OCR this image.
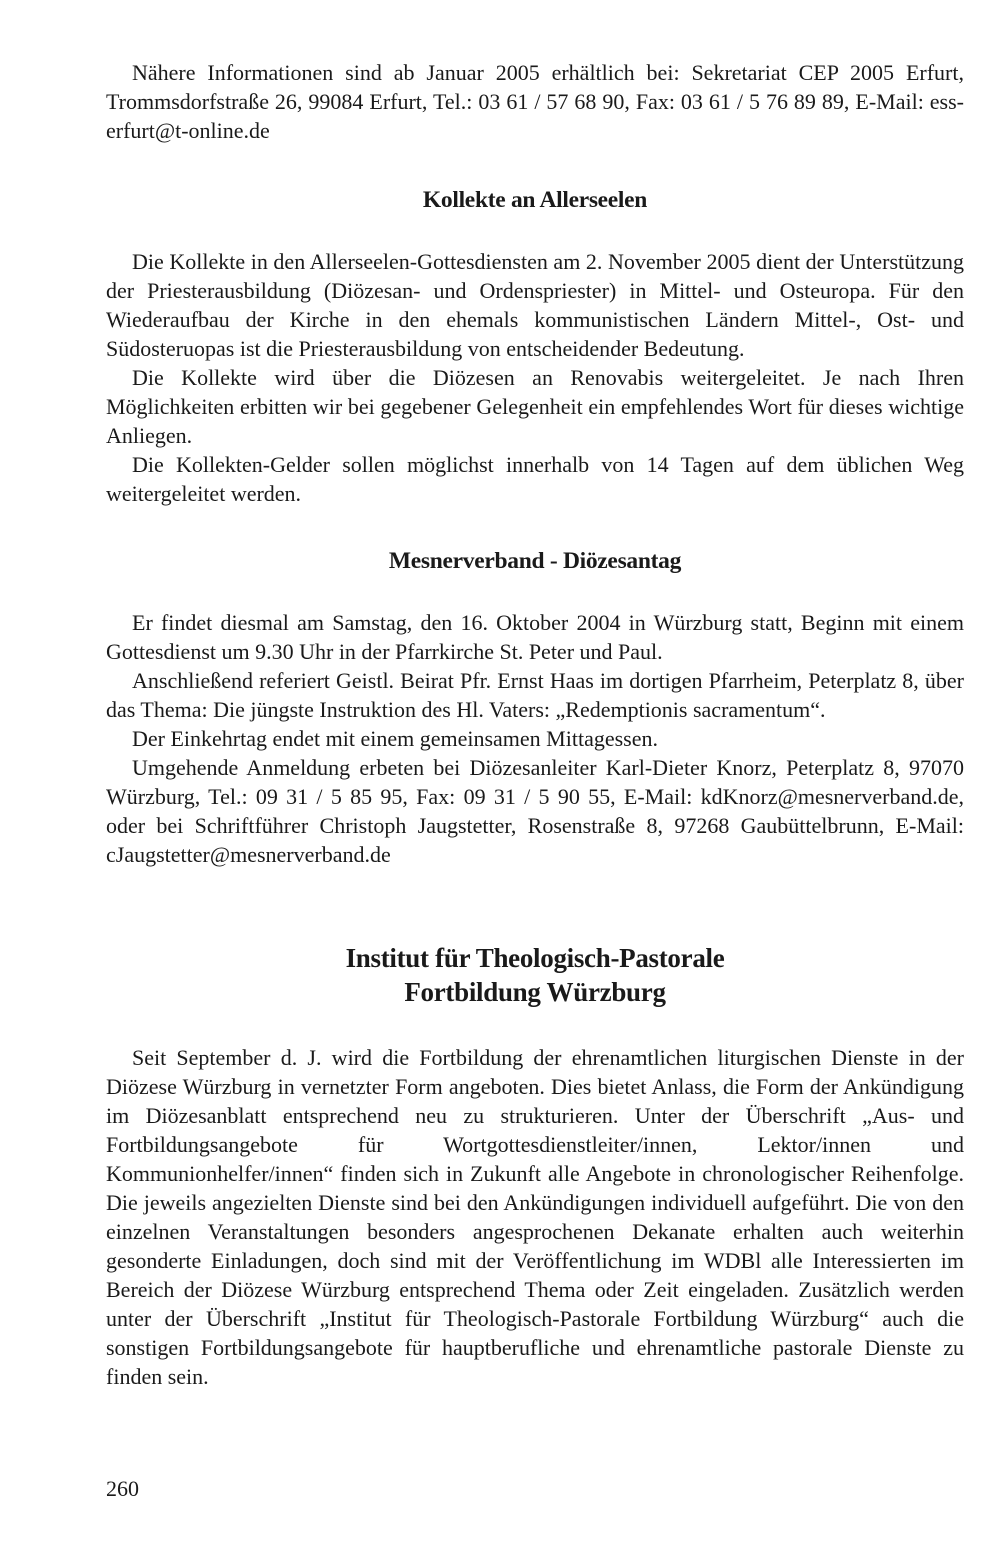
Nähere Informationen sind ab Januar 2005 erhältlich bei: Sekretariat CEP 2005 Erfurt, Trommsdorfstraße 26, 99084 Erfurt, Tel.: 03 61 / 57 68 90, Fax: 03 61 / 5 76 89 89, E-Mail: ess-erfurt@t-online.de

Kollekte an Allerseelen

Die Kollekte in den Allerseelen-Gottesdiensten am 2. November 2005 dient der Unterstützung der Priesterausbildung (Diözesan- und Ordenspriester) in Mittel- und Osteuropa. Für den Wiederaufbau der Kirche in den ehemals kommunistischen Ländern Mittel-, Ost- und Südosteruopas ist die Priesterausbildung von entscheidender Bedeutung.

Die Kollekte wird über die Diözesen an Renovabis weitergeleitet. Je nach Ihren Möglichkeiten erbitten wir bei gegebener Gelegenheit ein empfehlendes Wort für dieses wichtige Anliegen.

Die Kollekten-Gelder sollen möglichst innerhalb von 14 Tagen auf dem üblichen Weg weitergeleitet werden.

Mesnerverband - Diözesantag

Er findet diesmal am Samstag, den 16. Oktober 2004 in Würzburg statt, Beginn mit einem Gottesdienst um 9.30 Uhr in der Pfarrkirche St. Peter und Paul.

Anschließend referiert Geistl. Beirat Pfr. Ernst Haas im dortigen Pfarrheim, Peterplatz 8, über das Thema: Die jüngste Instruktion des Hl. Vaters: „Redemptionis sacramentum“.

Der Einkehrtag endet mit einem gemeinsamen Mittagessen.

Umgehende Anmeldung erbeten bei Diözesanleiter Karl-Dieter Knorz, Peterplatz 8, 97070 Würzburg, Tel.: 09 31 / 5 85 95, Fax: 09 31 / 5 90 55, E-Mail: kdKnorz@mesnerverband.de, oder bei Schriftführer Christoph Jaugstetter, Rosenstraße 8, 97268 Gaubüttelbrunn, E-Mail: cJaugstetter@mesnerverband.de

Institut für Theologisch-Pastorale
Fortbildung Würzburg

Seit September d. J. wird die Fortbildung der ehrenamtlichen liturgischen Dienste in der Diözese Würzburg in vernetzter Form angeboten. Dies bietet Anlass, die Form der Ankündigung im Diözesanblatt entsprechend neu zu strukturieren. Unter der Überschrift „Aus- und Fortbildungsangebote für Wortgottesdienstleiter/innen, Lektor/innen und Kommunionhelfer/innen“ finden sich in Zukunft alle Angebote in chronologischer Reihenfolge. Die jeweils angezielten Dienste sind bei den Ankündigungen individuell aufgeführt. Die von den einzelnen Veranstaltungen besonders angesprochenen Dekanate erhalten auch weiterhin gesonderte Einladungen, doch sind mit der Veröffentlichung im WDBl alle Interessierten im Bereich der Diözese Würzburg entsprechend Thema oder Zeit eingeladen. Zusätzlich werden unter der Überschrift „Institut für Theologisch-Pastorale Fortbildung Würzburg“ auch die sonstigen Fortbildungsangebote für hauptberufliche und ehrenamtliche pastorale Dienste zu finden sein.

260
